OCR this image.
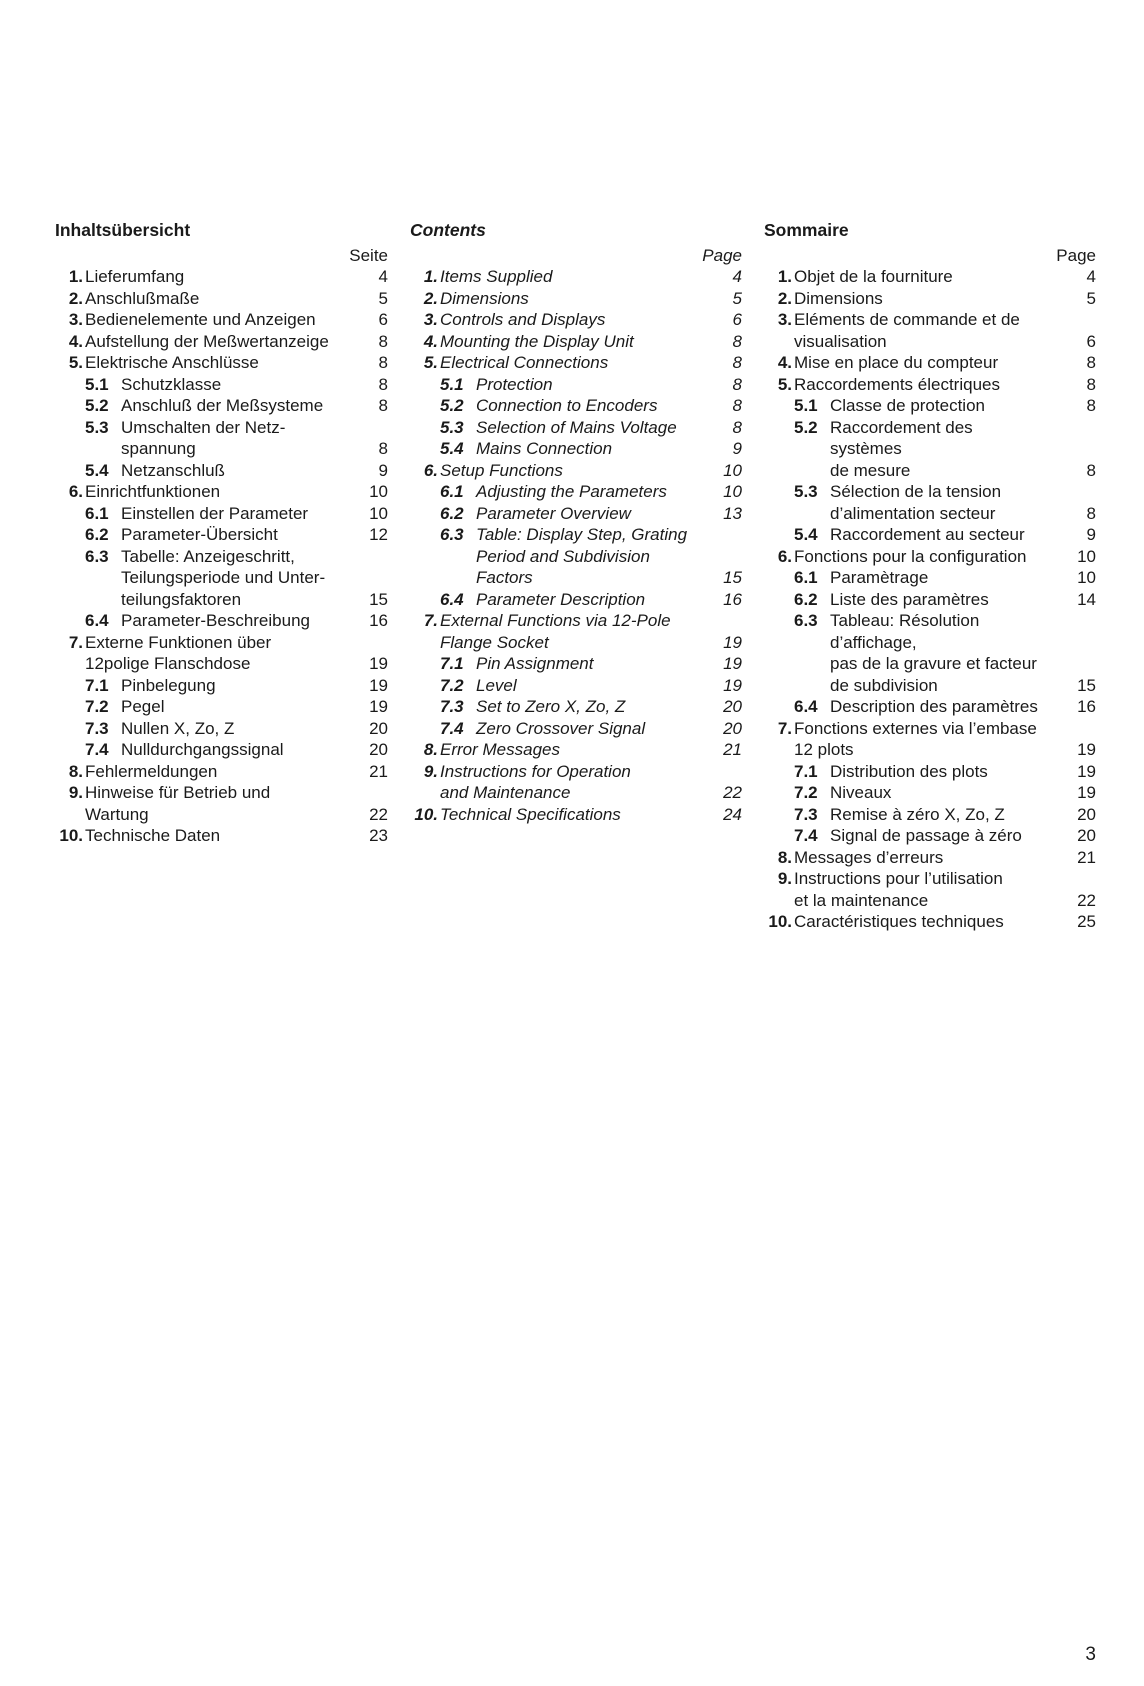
Inhaltsübersicht
Seite
1. Lieferumfang	4
2. Anschlußmaße	5
3. Bedienelemente und Anzeigen	6
4. Aufstellung der Meßwertanzeige	8
5. Elektrische Anschlüsse	8
5.1 Schutzklasse	8
5.2 Anschluß der Meßsysteme	8
5.3 Umschalten der Netz-
spannung	8
5.4 Netzanschluß	9
6. Einrichtfunktionen	10
6.1 Einstellen der Parameter	10
6.2 Parameter-Übersicht	12
6.3 Tabelle: Anzeigeschritt,
Teilungsperiode und Unter-
teilungsfaktoren	15
6.4 Parameter-Beschreibung	16
7. Externe Funktionen über
12polige Flanschdose	19
7.1 Pinbelegung	19
7.2 Pegel	19
7.3 Nullen X, Zo, Z	20
7.4 Nulldurchgangssignal	20
8. Fehlermeldungen	21
9. Hinweise für Betrieb und
Wartung	22
10. Technische Daten	23
Contents
Page
1. Items Supplied	4
2. Dimensions	5
3. Controls and Displays	6
4. Mounting the Display Unit	8
5. Electrical Connections	8
5.1 Protection	8
5.2 Connection to Encoders	8
5.3 Selection of Mains Voltage	8
5.4 Mains Connection	9
6. Setup Functions	10
6.1 Adjusting the Parameters	10
6.2 Parameter Overview	13
6.3 Table: Display Step, Grating
Period and Subdivision
Factors	15
6.4 Parameter Description	16
7. External Functions via 12-Pole
Flange Socket	19
7.1 Pin Assignment	19
7.2 Level	19
7.3 Set to Zero X, Zo, Z	20
7.4 Zero Crossover Signal	20
8. Error Messages	21
9. Instructions for Operation
and Maintenance	22
10. Technical Specifications	24
Sommaire
Page
1. Objet de la fourniture	4
2. Dimensions	5
3. Eléments de commande et de
visualisation	6
4. Mise en place du compteur	8
5. Raccordements électriques	8
5.1 Classe de protection	8
5.2 Raccordement des systèmes
de mesure	8
5.3 Sélection de la tension
d’alimentation secteur	8
5.4 Raccordement au secteur	9
6. Fonctions pour la configuration	10
6.1 Paramètrage	10
6.2 Liste des paramètres	14
6.3 Tableau: Résolution d’affichage,
pas de la gravure et facteur
de subdivision	15
6.4 Description des paramètres	16
7. Fonctions externes via l’embase
12 plots	19
7.1 Distribution des plots	19
7.2 Niveaux	19
7.3 Remise à zéro X, Zo, Z	20
7.4 Signal de passage à zéro	20
8. Messages d’erreurs	21
9. Instructions pour l’utilisation
et la maintenance	22
10. Caractéristiques techniques	25
3
